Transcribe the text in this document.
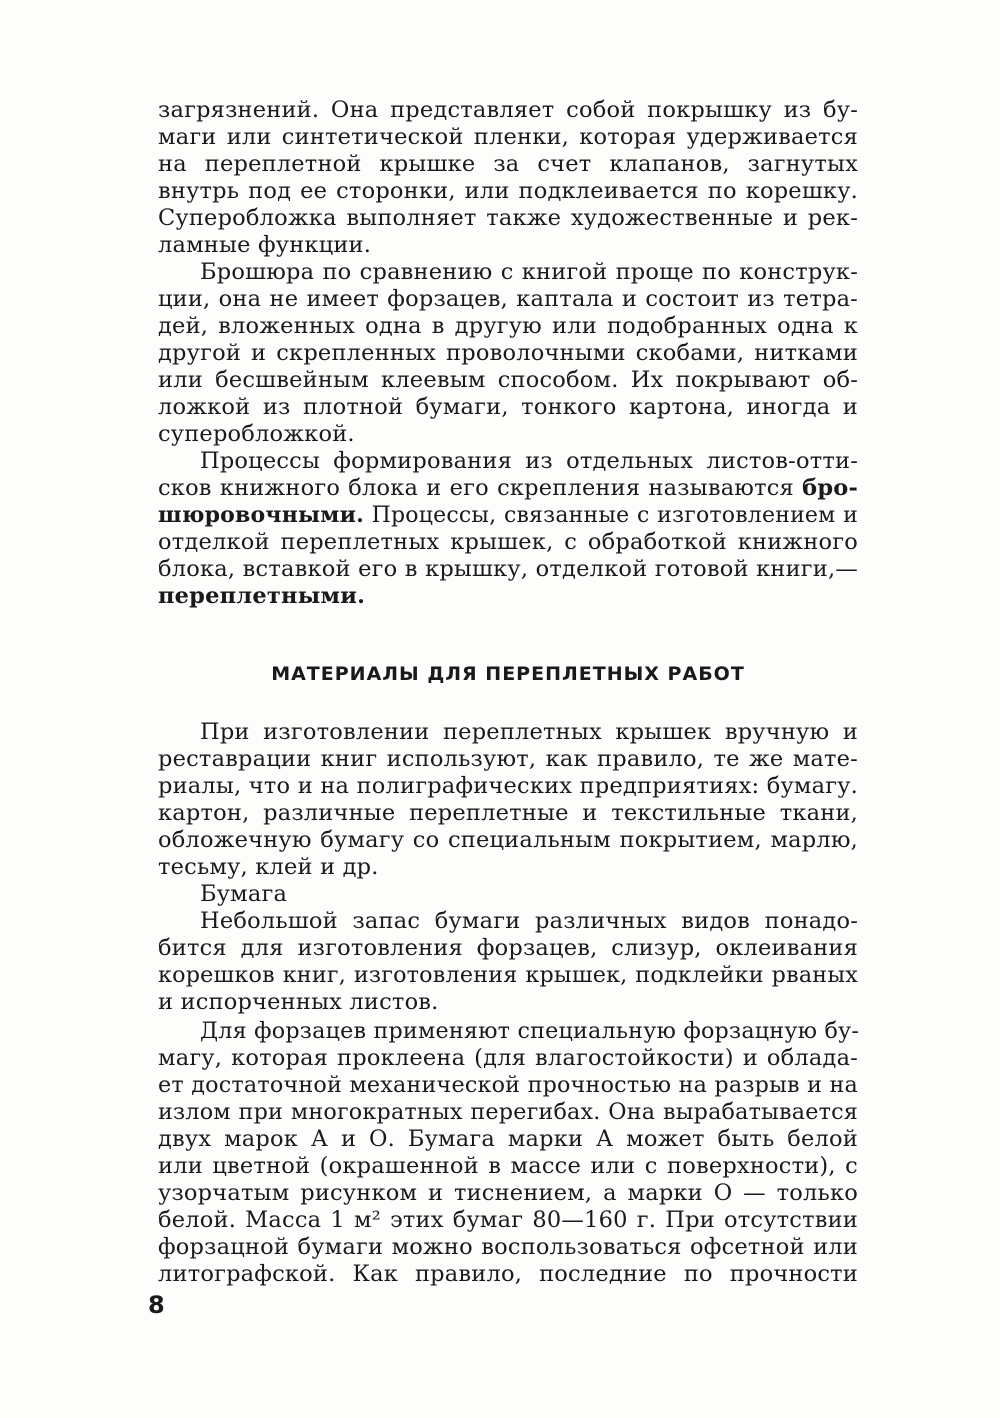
загрязнений. Она представляет собой покрышку из бу-
маги или синтетической пленки, которая удерживается
на переплетной крышке за счет клапанов, загнутых
внутрь под ее сторонки, или подклеивается по корешку.
Суперобложка выполняет также художественные и рек-
ламные функции.
Брошюра по сравнению с книгой проще по конструк-
ции, она не имеет форзацев, каптала и состоит из тетра-
дей, вложенных одна в другую или подобранных одна к
другой и скрепленных проволочными скобами, нитками
или бесшвейным клеевым способом. Их покрывают об-
ложкой из плотной бумаги, тонкого картона, иногда и
суперобложкой.
Процессы формирования из отдельных листов-отти-
сков книжного блока и его скрепления называются бро-
шюровочными. Процессы, связанные с изготовлением и
отделкой переплетных крышек, с обработкой книжного
блока, вставкой его в крышку, отделкой готовой книги,—
переплетными.
МАТЕРИАЛЫ ДЛЯ ПЕРЕПЛЕТНЫХ РАБОТ
При изготовлении переплетных крышек вручную и
реставрации книг используют, как правило, те же мате-
риалы, что и на полиграфических предприятиях: бумагу.
картон, различные переплетные и текстильные ткани,
обложечную бумагу со специальным покрытием, марлю,
тесьму, клей и др.
Бумага
Небольшой запас бумаги различных видов понадо-
бится для изготовления форзацев, слизур, оклеивания
корешков книг, изготовления крышек, подклейки рваных
и испорченных листов.
Для форзацев применяют специальную форзацную бу-
магу, которая проклеена (для влагостойкости) и облада-
ет достаточной механической прочностью на разрыв и на
излом при многократных перегибах. Она вырабатывается
двух марок А и О. Бумага марки А может быть белой
или цветной (окрашенной в массе или с поверхности), с
узорчатым рисунком и тиснением, а марки О — только
белой. Масса 1 м² этих бумаг 80—160 г. При отсутствии
форзацной бумаги можно воспользоваться офсетной или
литографской. Как правило, последние по прочности
8
